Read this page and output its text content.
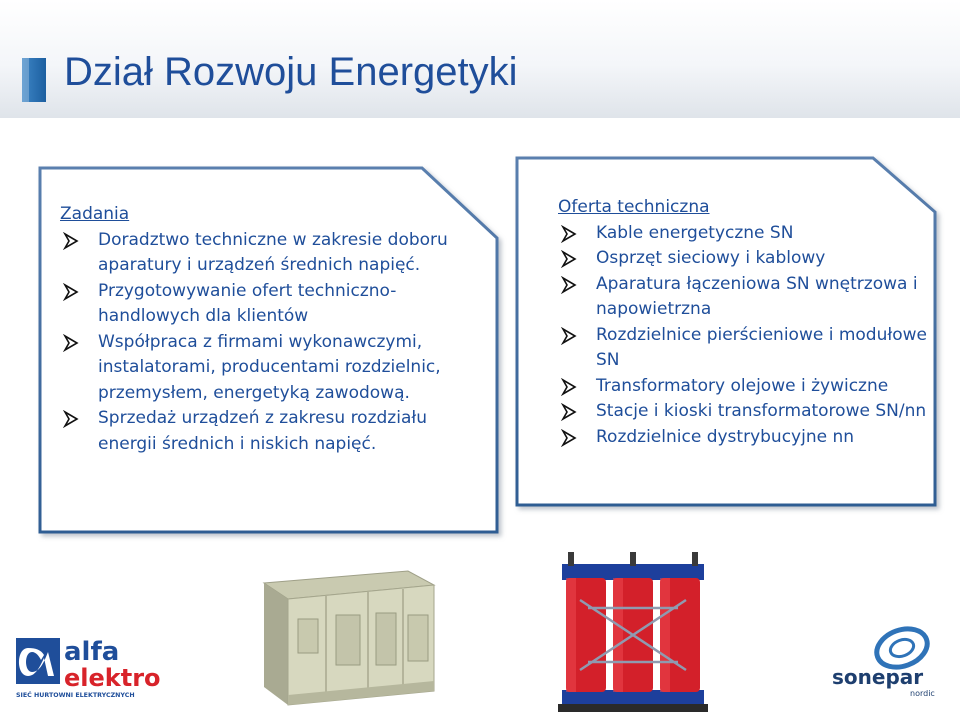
Dział Rozwoju Energetyki
Zadania
Doradztwo techniczne w zakresie doboru aparatury i urządzeń średnich napięć.
Przygotowywanie ofert techniczno-handlowych dla klientów
Współpraca z firmami wykonawczymi, instalatorami, producentami rozdzielnic, przemysłem, energetyką zawodową.
Sprzedaż urządzeń z zakresu rozdziału energii średnich i niskich napięć.
Oferta techniczna
Kable energetyczne SN
Osprzęt sieciowy i kablowy
Aparatura łączeniowa SN wnętrzowa i napowietrzna
Rozdzielnice pierścieniowe i modułowe SN
Transformatory olejowe i żywiczne
Stacje i kioski transformatorowe SN/nn
Rozdzielnice dystrybucyjne nn
alfa
elektro
SIEĆ HURTOWNI ELEKTRYCZNYCH
sonepar
nordic
